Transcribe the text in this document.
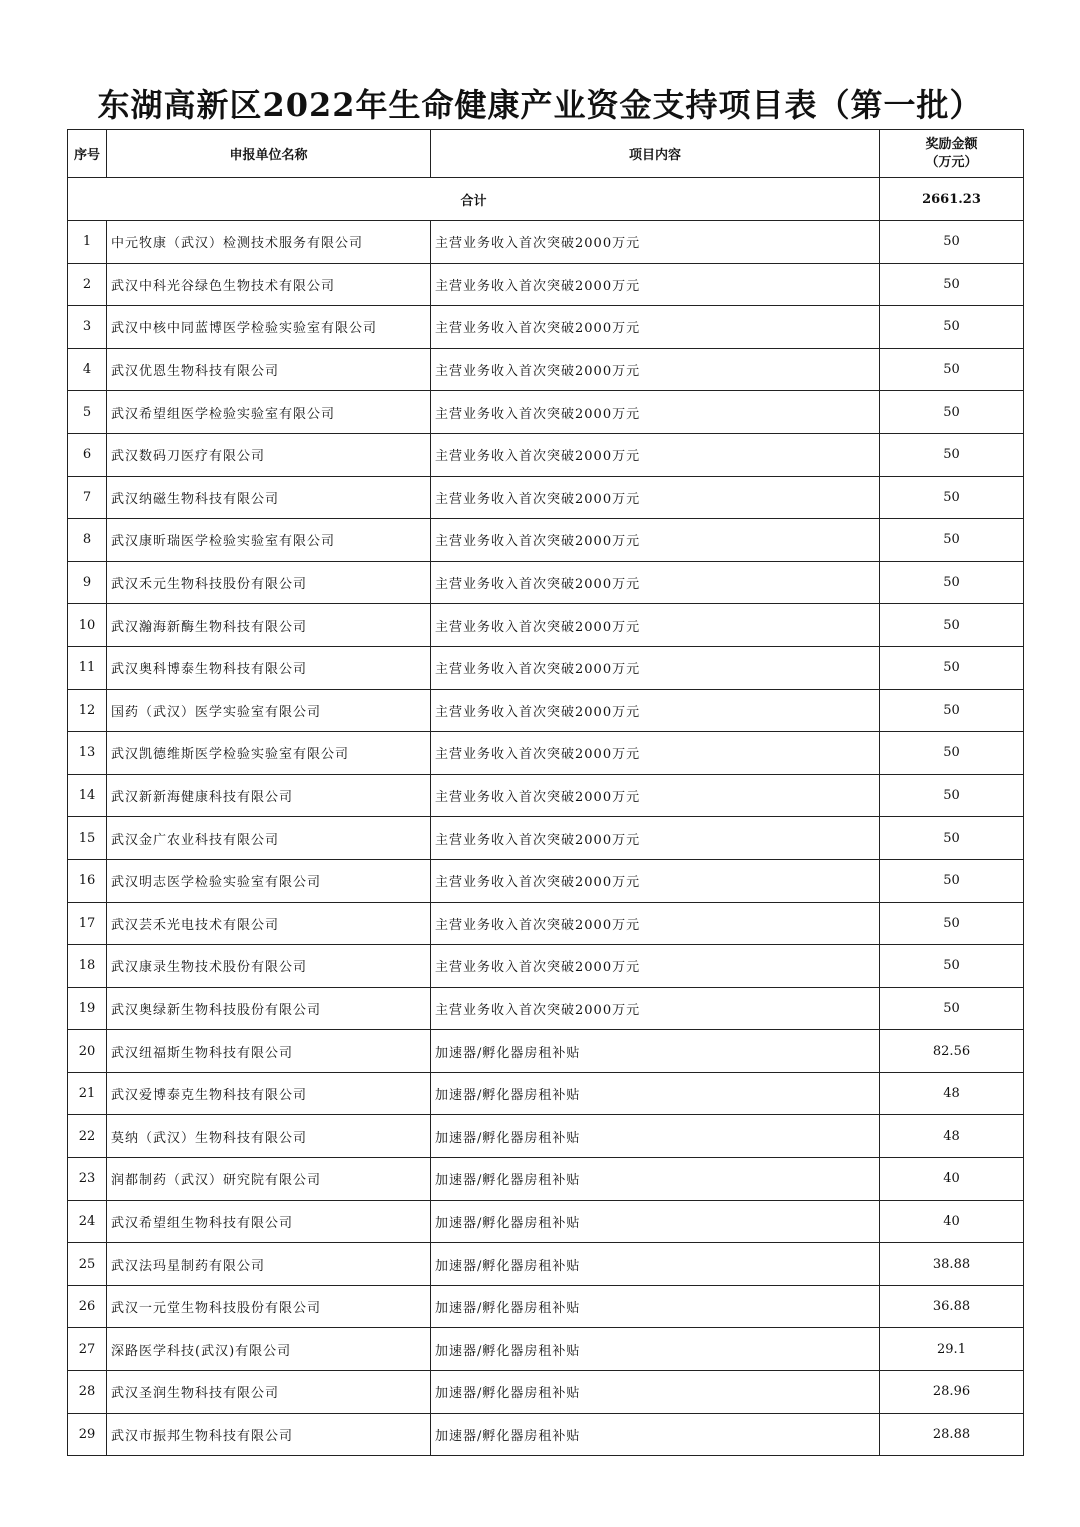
东湖高新区2022年生命健康产业资金支持项目表（第一批）
序号	申报单位名称	项目内容	奖励金额
（万元）

合计			2661.23
1	中元牧康（武汉）检测技术服务有限公司	主营业务收入首次突破2000万元	50
2	武汉中科光谷绿色生物技术有限公司	主营业务收入首次突破2000万元	50
3	武汉中核中同蓝博医学检验实验室有限公司	主营业务收入首次突破2000万元	50
4	武汉优恩生物科技有限公司	主营业务收入首次突破2000万元	50
5	武汉希望组医学检验实验室有限公司	主营业务收入首次突破2000万元	50
6	武汉数码刀医疗有限公司	主营业务收入首次突破2000万元	50
7	武汉纳磁生物科技有限公司	主营业务收入首次突破2000万元	50
8	武汉康昕瑞医学检验实验室有限公司	主营业务收入首次突破2000万元	50
9	武汉禾元生物科技股份有限公司	主营业务收入首次突破2000万元	50
10	武汉瀚海新酶生物科技有限公司	主营业务收入首次突破2000万元	50
11	武汉奥科博泰生物科技有限公司	主营业务收入首次突破2000万元	50
12	国药（武汉）医学实验室有限公司	主营业务收入首次突破2000万元	50
13	武汉凯德维斯医学检验实验室有限公司	主营业务收入首次突破2000万元	50
14	武汉新新海健康科技有限公司	主营业务收入首次突破2000万元	50
15	武汉金广农业科技有限公司	主营业务收入首次突破2000万元	50
16	武汉明志医学检验实验室有限公司	主营业务收入首次突破2000万元	50
17	武汉芸禾光电技术有限公司	主营业务收入首次突破2000万元	50
18	武汉康录生物技术股份有限公司	主营业务收入首次突破2000万元	50
19	武汉奥绿新生物科技股份有限公司	主营业务收入首次突破2000万元	50
20	武汉纽福斯生物科技有限公司	加速器/孵化器房租补贴	82.56
21	武汉爱博泰克生物科技有限公司	加速器/孵化器房租补贴	48
22	莫纳（武汉）生物科技有限公司	加速器/孵化器房租补贴	48
23	润都制药（武汉）研究院有限公司	加速器/孵化器房租补贴	40
24	武汉希望组生物科技有限公司	加速器/孵化器房租补贴	40
25	武汉法玛星制药有限公司	加速器/孵化器房租补贴	38.88
26	武汉一元堂生物科技股份有限公司	加速器/孵化器房租补贴	36.88
27	深路医学科技(武汉)有限公司	加速器/孵化器房租补贴	29.1
28	武汉圣润生物科技有限公司	加速器/孵化器房租补贴	28.96
29	武汉市振邦生物科技有限公司	加速器/孵化器房租补贴	28.88
